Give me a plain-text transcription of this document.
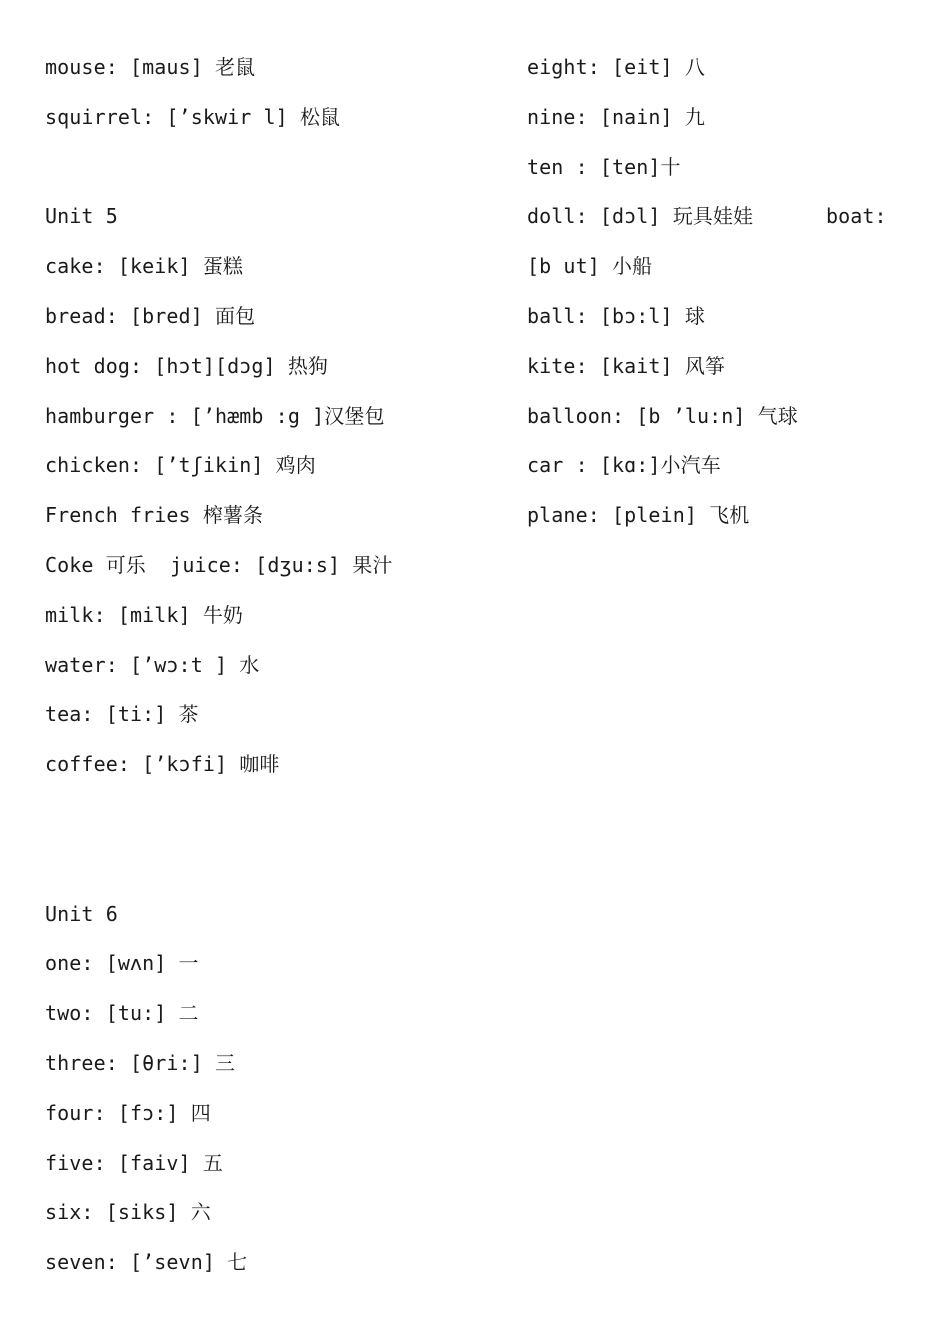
mouse: [maus] 老鼠
squirrel: [’skwir l] 松鼠
Unit 5
cake: [keik] 蛋糕
bread: [bred] 面包
hot dog: [hɔt][dɔg] 热狗
hamburger : [’hæmb :g ]汉堡包
chicken: [’tʃikin] 鸡肉
French fries 榨薯条
Coke 可乐  juice: [dʒu:s] 果汁
milk: [milk] 牛奶
water: [’wɔ:t ] 水
tea: [ti:] 茶
coffee: [’kɔfi] 咖啡
Unit 6
one: [wʌn] 一
two: [tu:] 二
three: [θri:] 三
four: [fɔ:] 四
five: [faiv] 五
six: [siks] 六
seven: [’sevn] 七
eight: [eit] 八
nine: [nain] 九
ten : [ten]十
doll: [dɔl] 玩具娃娃      boat:
[b ut] 小船
ball: [bɔ:l] 球
kite: [kait] 风筝
balloon: [b ’lu:n] 气球
car : [kɑ:]小汽车
plane: [plein] 飞机
